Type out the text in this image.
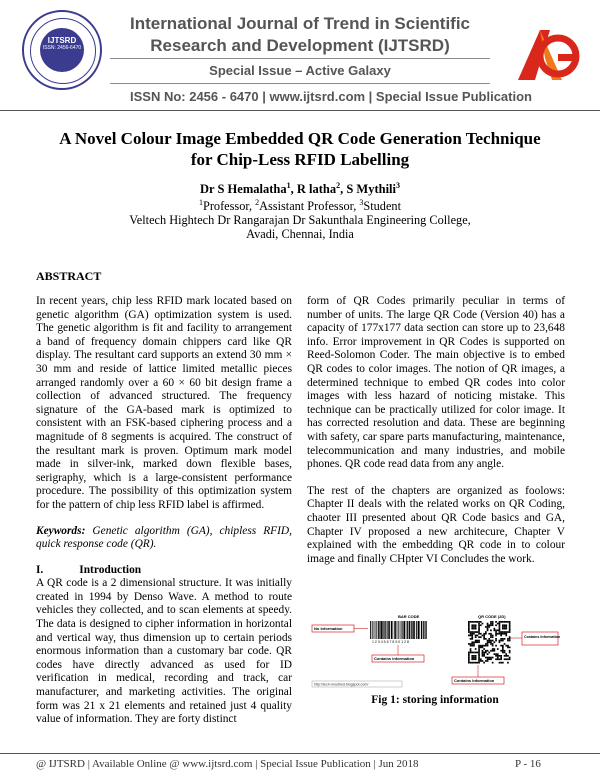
IJTSRD
ISSN: 2456-6470
International Journal of Trend in Scientific
Research and Development (IJTSRD)
Special Issue – Active Galaxy
ISSN No: 2456 - 6470 | www.ijtsrd.com | Special Issue Publication
A Novel Colour Image Embedded QR Code Generation Technique
for Chip-Less RFID Labelling
Dr S Hemalatha$^1$, R latha$^2$, S Mythili$^3$
$^1$Professor, $^2$Assistant Professor, $^3$Student
Veltech Hightech Dr Rangarajan Dr Sakunthala Engineering College,
Avadi, Chennai, India
ABSTRACT

In recent years, chip less RFID mark located based on genetic algorithm (GA) optimization system is used. The genetic algorithm is fit and facility to arrangement a band of frequency domain chippers card like QR display. The resultant card supports an extend 30 mm × 30 mm and reside of lattice limited metallic pieces arranged randomly over a 60 × 60 bit design frame a collection of advanced structured. The frequency signature of the GA-based mark is optimized to consistent with an FSK-based ciphering process and a magnitude of 8 segments is acquired. The construct of the resultant mark is proven. Optimum mark model made in silver-ink, marked down flexible bases, serigraphy, which is a large-consistent performance procedure. The possibility of this optimization system for the pattern of chip less RFID label is affirmed.

Keywords: Genetic algorithm (GA), chipless RFID, quick response code (QR).

I.	Introduction

A QR code is a 2 dimensional structure. It was initially created in 1994 by Denso Wave. A method to route vehicles they collected, and to scan elements at speedy. The data is designed to cipher information in horizontal and vertical way, thus dimension up to certain periods enormous information than a customary bar code. QR codes have directly advanced as used for ID verification in medical, recording and track, car manufacturer, and marketing activities. The original form was 21 x 21 elements and retained just 4 quality value of information. They are forty distinct

form of QR Codes primarily peculiar in terms of number of units. The large QR Code (Version 40) has a capacity of 177x177 data section can store up to 23,648 info. Error improvement in QR Codes is supported on Reed-Solomon Coder. The main objective is to embed QR codes to color images. The notion of QR images, a determined technique to embed QR codes into color images with less hazard of noticing mistake. This technique can be practically utilized for color image. It has corrected resolution and data. These are beginning with safety, car spare parts manufacturing, maintenance, telecommunication and many industries, and mobile phones. QR code read data from any angle.

The rest of the chapters are organized as foolows: Chapter II deals with the related works on QR Coding, chaoter III presented about QR Code basics and GA, Chapter IV proposed a new architecure, Chapter V explained with the embedding QR code in to colour image and finally CHpter VI Concludes the work.

BAR CODE	QR CODE (2D)
1 2 3 4 5 6 7 8 9 0 1 2 8
No Information
Contains Information
Contains Information
Contains Information
http://tech-mouthed.blogspot.com/
Fig 1: storing information
@ IJTSRD | Available Online @ www.ijtsrd.com | Special Issue Publication | Jun 2018	P - 16
